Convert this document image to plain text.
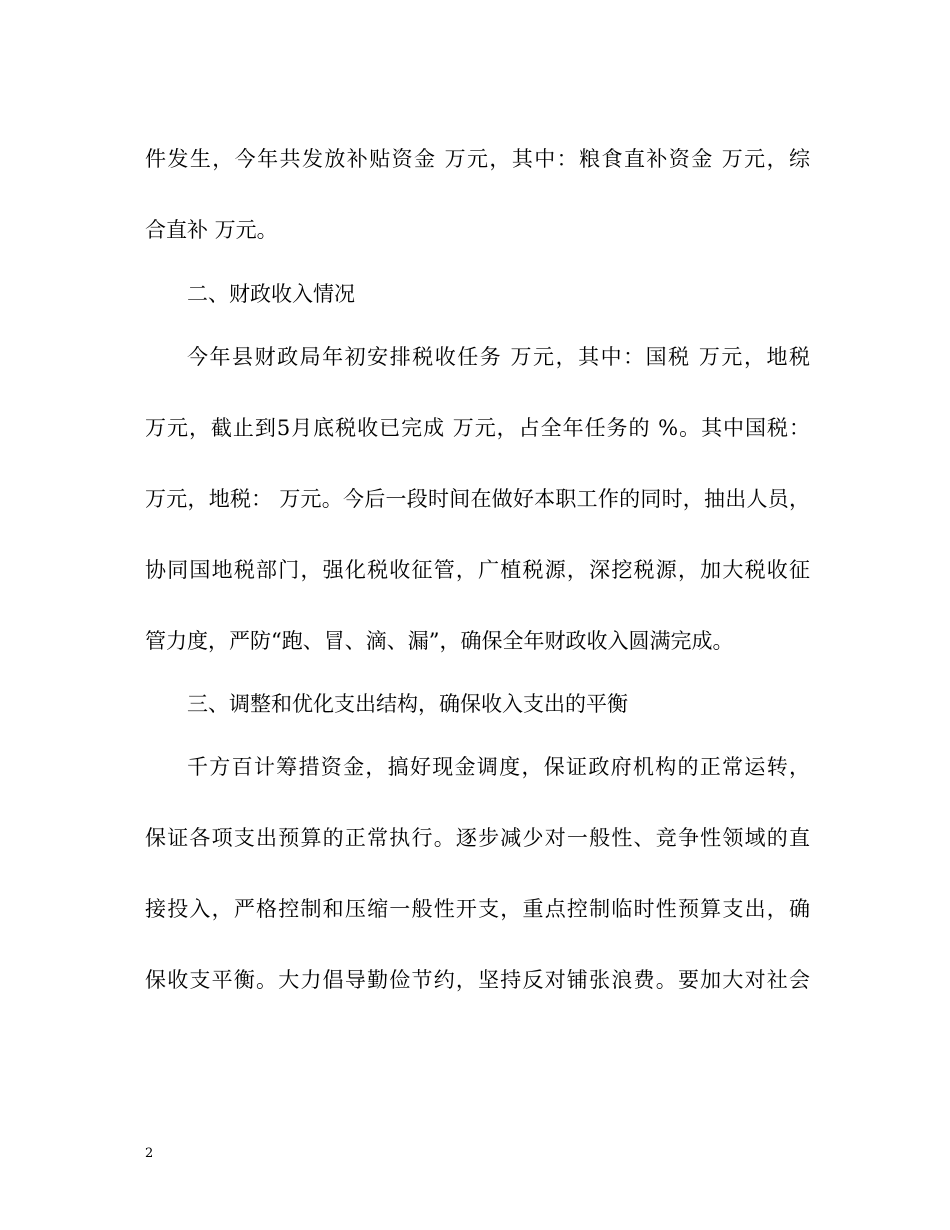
件发生，今年共发放补贴资金 万元，其中：粮食直补资金 万元，综
合直补 万元。
二、财政收入情况
今年县财政局年初安排税收任务 万元，其中：国税 万元，地税
万元，截止到5月底税收已完成 万元，占全年任务的 %。其中国税：
万元，地税： 万元。今后一段时间在做好本职工作的同时，抽出人员，
协同国地税部门，强化税收征管，广植税源，深挖税源，加大税收征
管力度，严防“跑、冒、滴、漏”，确保全年财政收入圆满完成。
三、调整和优化支出结构，确保收入支出的平衡
千方百计筹措资金，搞好现金调度，保证政府机构的正常运转，
保证各项支出预算的正常执行。逐步减少对一般性、竞争性领域的直
接投入，严格控制和压缩一般性开支，重点控制临时性预算支出，确
保收支平衡。大力倡导勤俭节约，坚持反对铺张浪费。要加大对社会
2
